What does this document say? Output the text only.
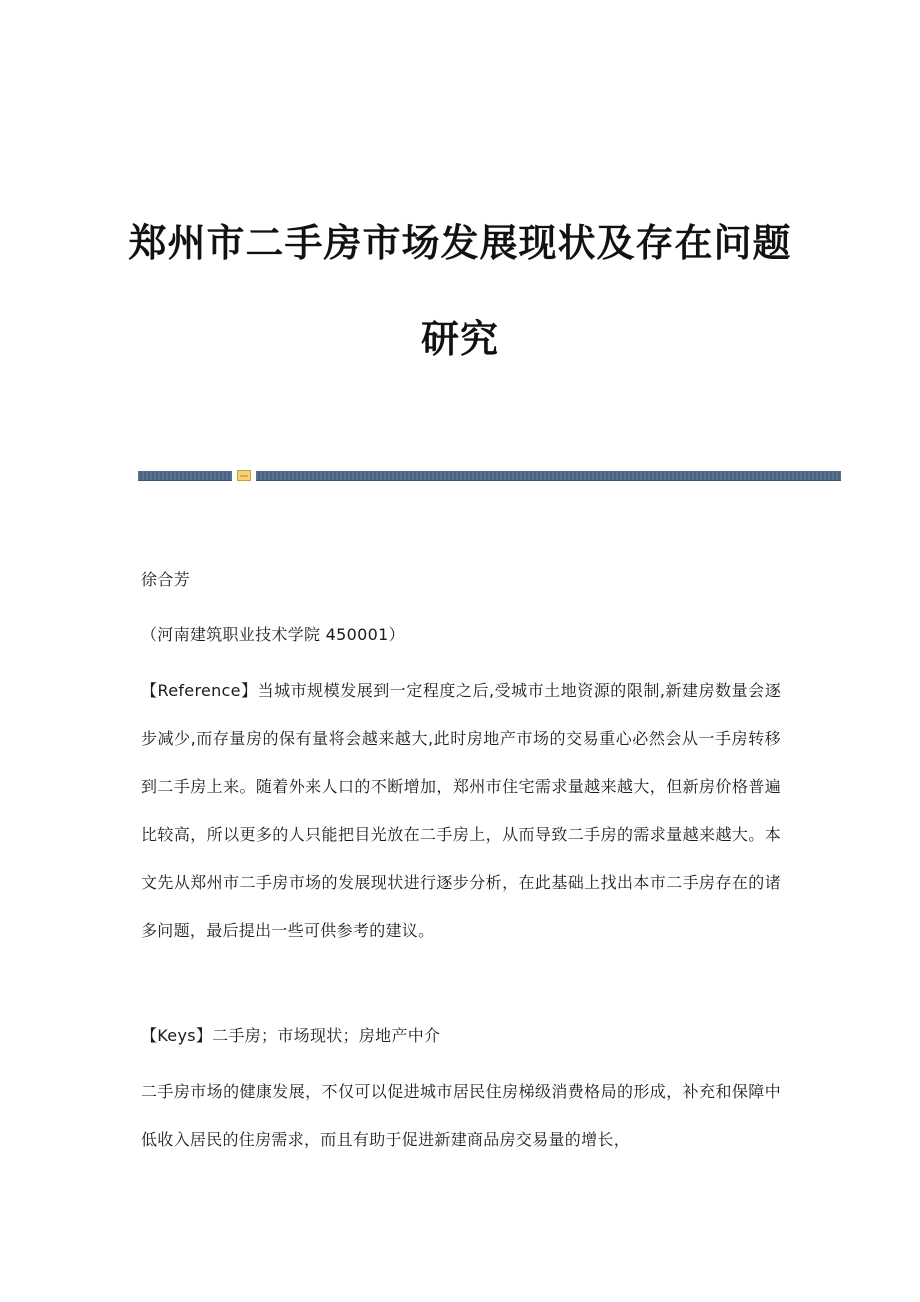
郑州市二手房市场发展现状及存在问题
研究

徐合芳

（河南建筑职业技术学院 450001）

【Reference】当城市规模发展到一定程度之后,受城市土地资源的限制,新建房数量会逐步减少,而存量房的保有量将会越来越大,此时房地产市场的交易重心必然会从一手房转移到二手房上来。随着外来人口的不断增加，郑州市住宅需求量越来越大，但新房价格普遍比较高，所以更多的人只能把目光放在二手房上，从而导致二手房的需求量越来越大。本文先从郑州市二手房市场的发展现状进行逐步分析，在此基础上找出本市二手房存在的诸多问题，最后提出一些可供参考的建议。

【Keys】二手房；市场现状；房地产中介

二手房市场的健康发展，不仅可以促进城市居民住房梯级消费格局的形成，补充和保障中低收入居民的住房需求，而且有助于促进新建商品房交易量的增长，
